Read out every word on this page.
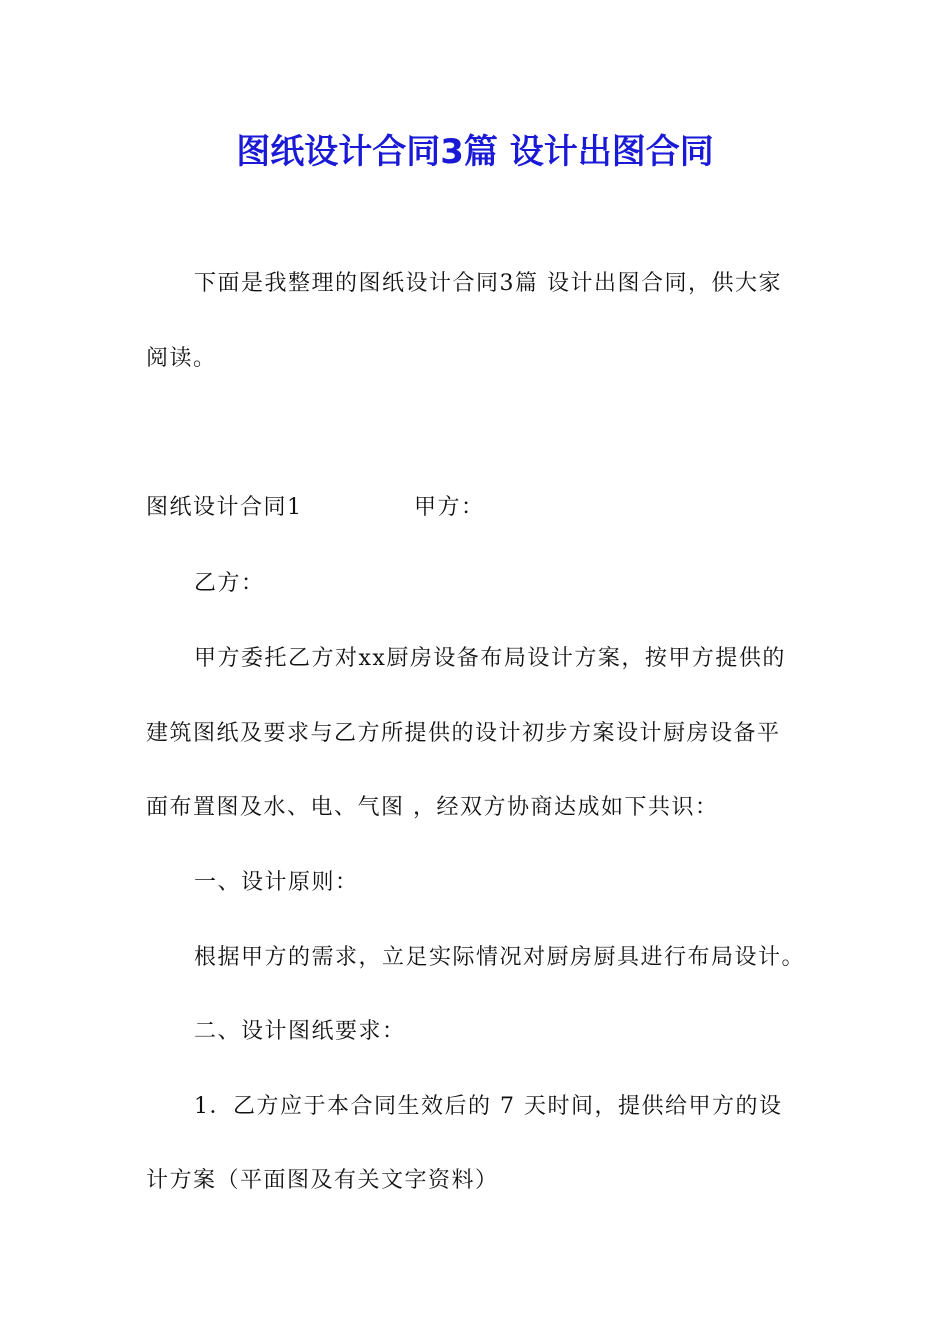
图纸设计合同3篇 设计出图合同
下面是我整理的图纸设计合同3篇 设计出图合同，供大家
阅读。
图纸设计合同1	甲方：
乙方：
甲方委托乙方对xx厨房设备布局设计方案，按甲方提供的
建筑图纸及要求与乙方所提供的设计初步方案设计厨房设备平
面布置图及水、电、气图 ，经双方协商达成如下共识：
一、设计原则：
根据甲方的需求，立足实际情况对厨房厨具进行布局设计。
二、设计图纸要求：
1．乙方应于本合同生效后的 7 天时间，提供给甲方的设
计方案（平面图及有关文字资料）
